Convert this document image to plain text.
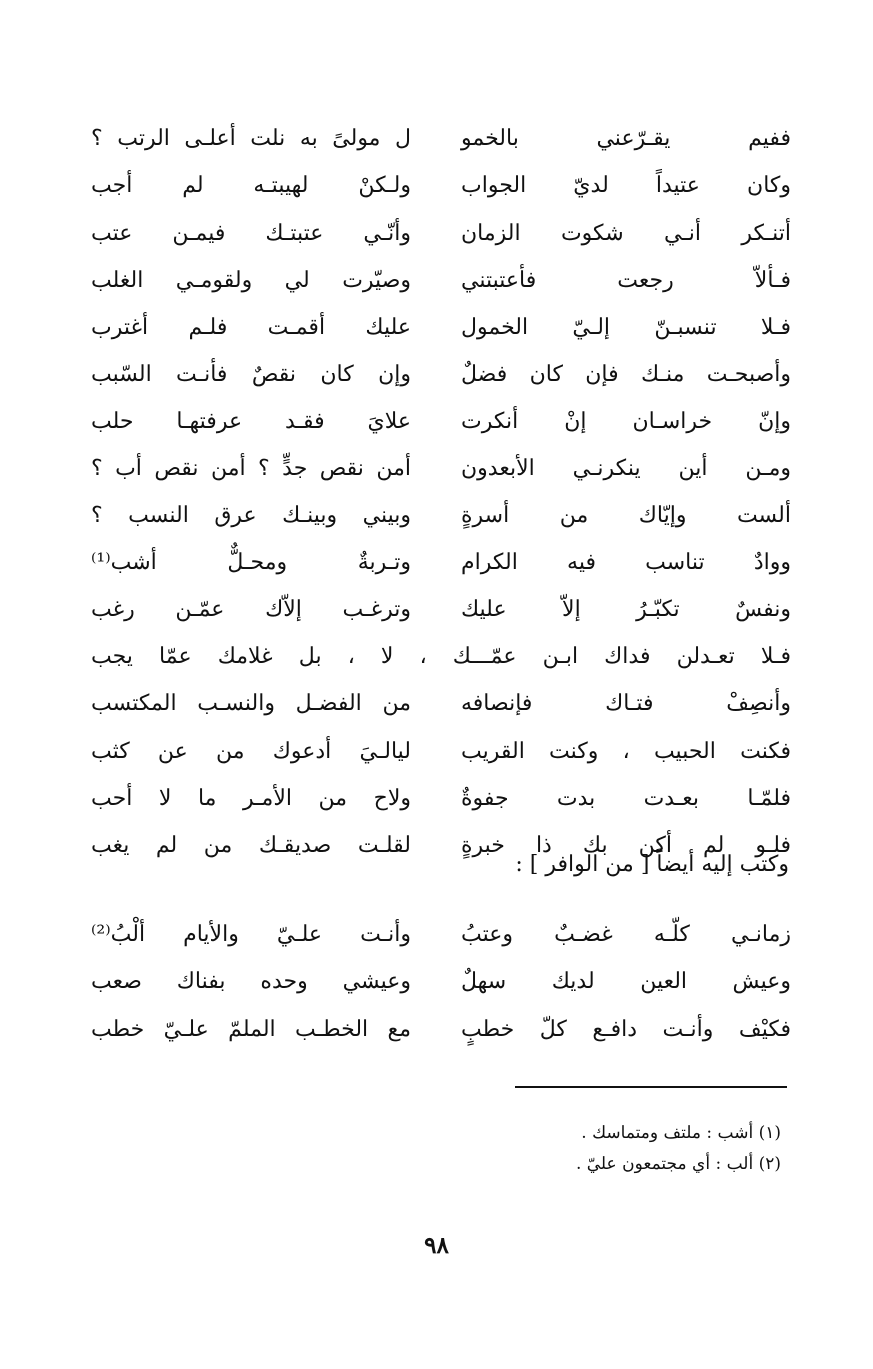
ففيم يقـرّعني بالخمو
ل مولىً به نلت أعلـى الرتب ؟
وكان عتيداً لديّ الجواب
ولـكنْ لهيبتـه لم أجب
أتنـكر أنـي شكوت الزمان
وأنّـي عتبتـك فيمـن عتب
فـألاّ رجعت فأعتبتني
وصيّرت لي ولقومـي الغلب
فـلا تنسبـنّ إلـيّ الخمول
عليك أقمـت فلـم أغترب
وأصبحـت منـك فإن كان فضلٌ
وإن كان نقصٌ فأنـت السّبب
وإنّ خراسـان إنْ أنكرت
علايَ فقـد عرفتهـا حلب
ومـن أين ينكرنـي الأبعدون
أمن نقص جدٍّ ؟ أمن نقص أب ؟
ألست وإيّاك من أسرةٍ
وبيني وبينـك عرق النسب ؟
ووادٌ تناسب فيه الكرام
وتـربةٌ ومحـلٌّ أشب⁽¹⁾
ونفسٌ تكبّـرُ إلاّ عليك
وترغـب إلاّك عمّـن رغب
فـلا تعـدلن فداك ابـن عمّـــك ، لا ، بل غلامك عمّا يجب
وأنصِفْ فتـاك فإنصافه
من الفضـل والنسـب المكتسب
فكنت الحبيب ، وكنت القريب
ليالـيَ أدعوك من عن كثب
فلمّـا بعـدت بدت جفوةٌ
ولاح من الأمـر ما لا أحب
فلـو لم أكن بك ذا خبرةٍ
لقلـت صديقـك من لم يغب
وكتب إليه أيضاً [ من الوافر ] :
زمانـي كلّـه غضـبٌ وعتبُ
وأنـت علـيّ والأيام ألْبُ⁽²⁾
وعيش العين لديك سهلٌ
وعيشي وحده بفناك صعب
فكيْف وأنـت دافـع كلّ خطبٍ
مع الخطـب الملمّ علـيّ خطب
(١) أشب : ملتف ومتماسك .
(٢) ألب : أي مجتمعون عليّ .
٩٨
